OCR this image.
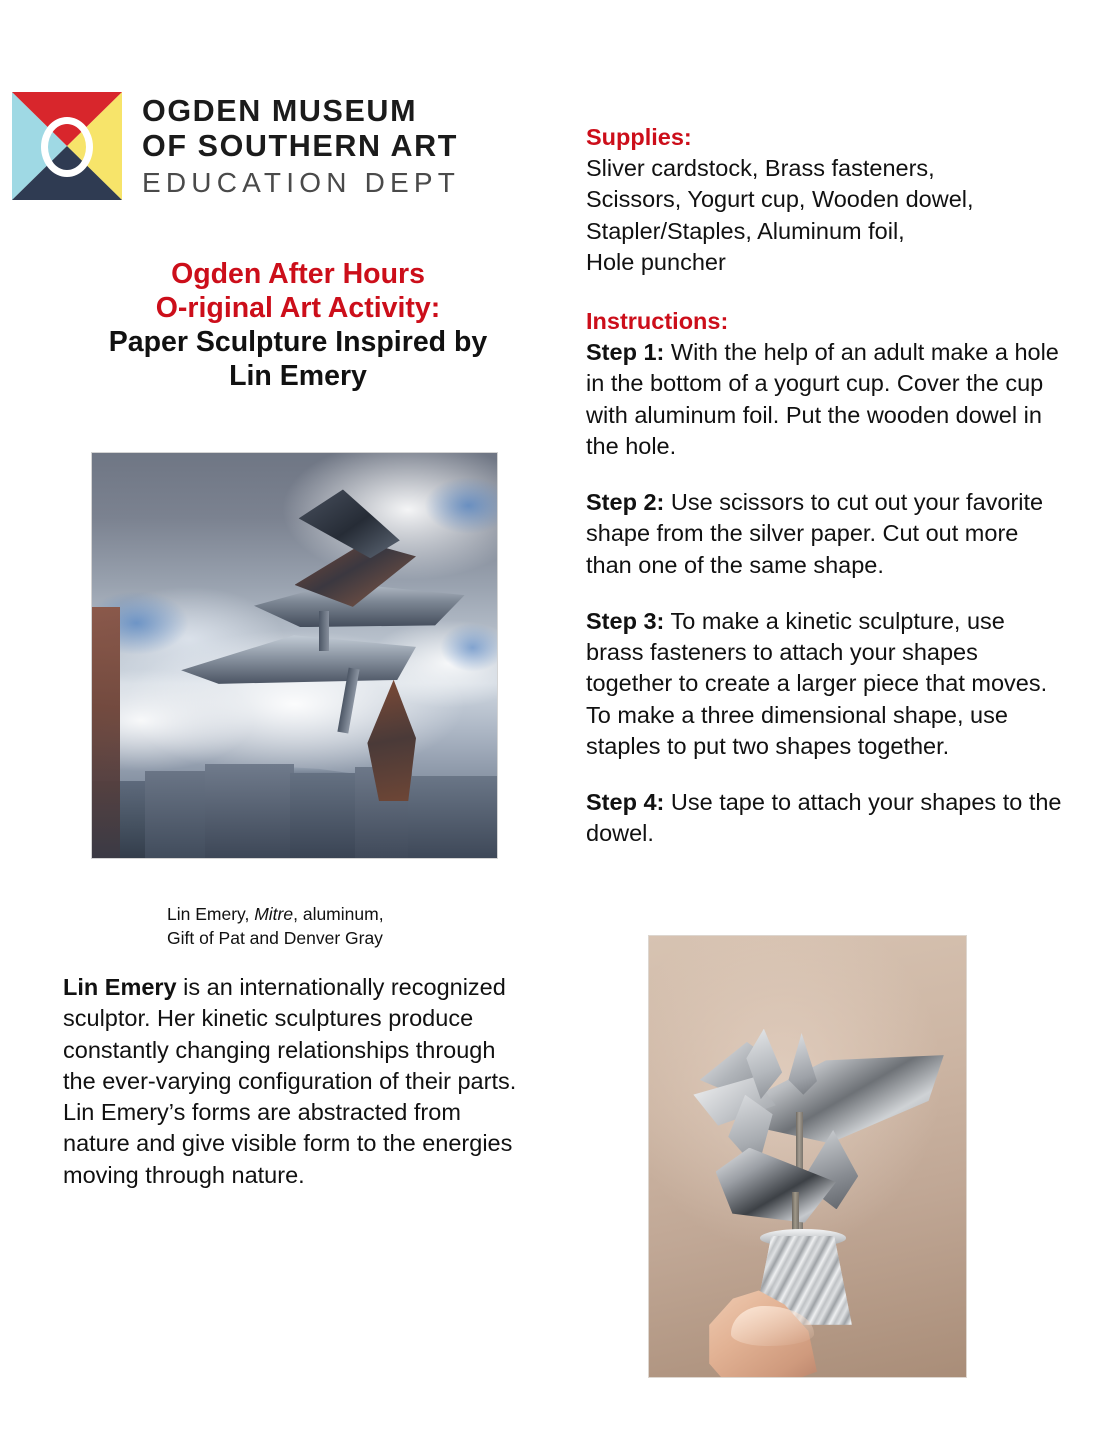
OGDEN MUSEUM
OF SOUTHERN ART
EDUCATION DEPT
Ogden After Hours
O-riginal Art Activity:
Paper Sculpture Inspired by
Lin Emery
Lin Emery, Mitre, aluminum,
Gift of Pat and Denver Gray
Lin Emery is an internationally recognized sculptor. Her kinetic sculptures produce constantly changing relationships through the ever-varying configuration of their parts. Lin Emery’s forms are abstracted from nature and give visible form to the energies moving through nature.
Supplies:
Sliver cardstock, Brass fasteners,
Scissors, Yogurt cup, Wooden dowel,
Stapler/Staples, Aluminum foil,
Hole puncher
Instructions:
Step 1: With the help of an adult make a hole in the bottom of a yogurt cup. Cover the cup with aluminum foil. Put the wooden dowel in the hole.
Step 2: Use scissors to cut out your favorite shape from the silver paper. Cut out more than one of the same shape.
Step 3: To make a kinetic sculpture, use brass fasteners to attach your shapes together to create a larger piece that moves. To make a three dimensional shape, use staples to put two shapes together.
Step 4: Use tape to attach your shapes to the dowel.
